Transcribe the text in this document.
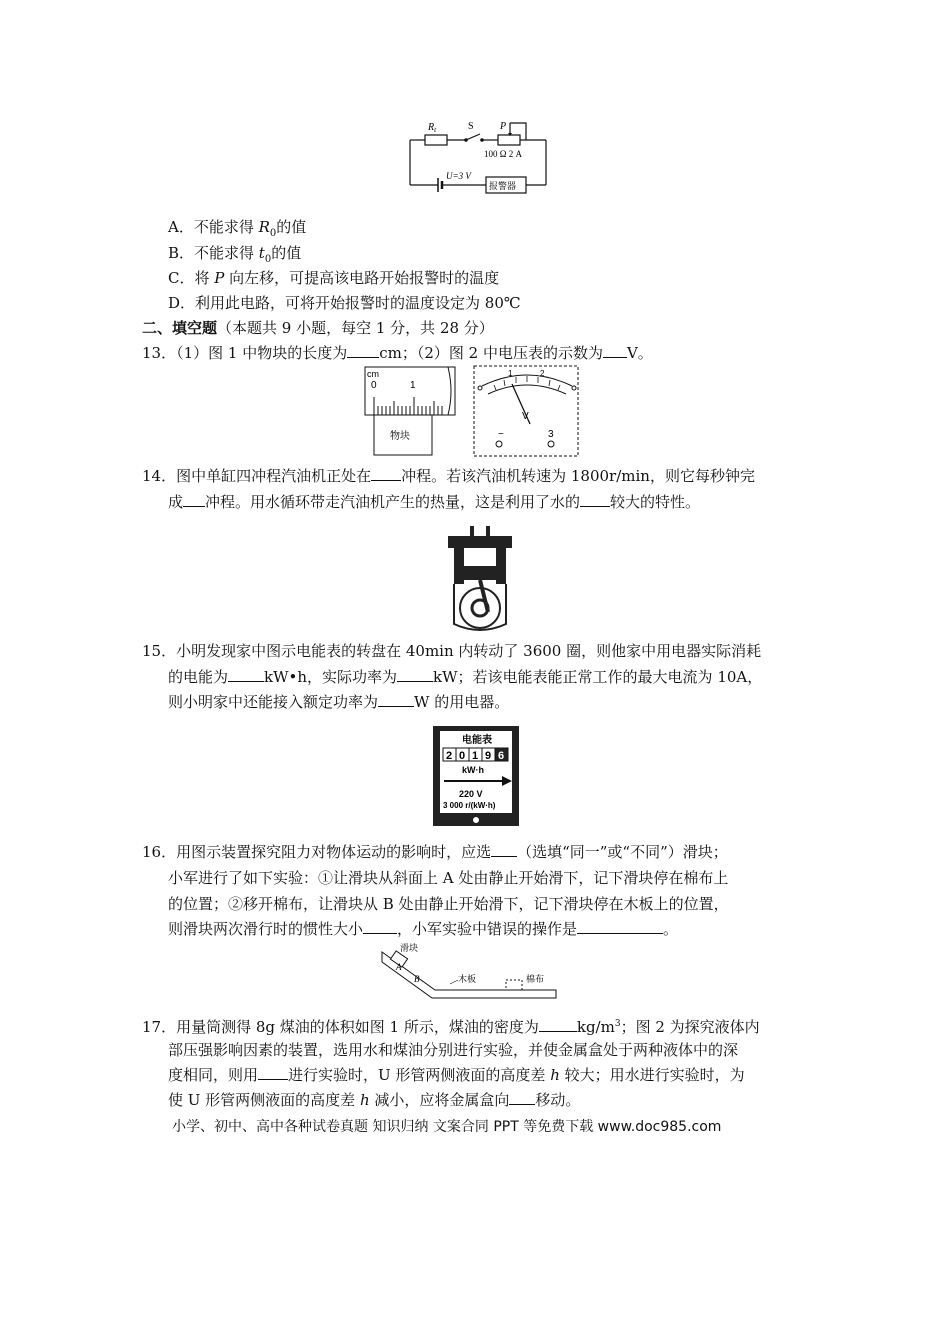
$R_t$	S	P
100 Ω 2 A
U=3 V
报警器
A．不能求得 $R_0$的值
B．不能求得 $t_0$的值
C．将 P 向左移，可提高该电路开始报警时的温度
D．利用此电路，可将开始报警时的温度设定为 80℃
二、填空题（本题共 9 小题，每空 1 分，共 28 分）
13．（1）图 1 中物块的长度为 cm；（2）图 2 中电压表的示数为 V。
cm
0	1
物块
1	2
V
−	3
14．图中单缸四冲程汽油机正处在 冲程。若该汽油机转速为 1800r/min，则它每秒钟完
成 冲程。用水循环带走汽油机产生的热量，这是利用了水的 较大的特性。
15．小明发现家中图示电能表的转盘在 40min 内转动了 3600 圈，则他家中用电器实际消耗
的电能为 kW•h，实际功率为 kW；若该电能表能正常工作的最大电流为 10A，
则小明家中还能接入额定功率为 W 的用电器。
电能表
2 0 1 9 6
kW·h
220 V
3 000 r/(kW·h)
16．用图示装置探究阻力对物体运动的影响时，应选 （选填“同一”或“不同”）滑块；
小军进行了如下实验：①让滑块从斜面上 A 处由静止开始滑下，记下滑块停在棉布上
的位置；②移开棉布，让滑块从 B 处由静止开始滑下，记下滑块停在木板上的位置，
则滑块两次滑行时的惯性大小 ，小军实验中错误的操作是	。
滑块
A
B	木板	棉布
17．用量筒测得 8g 煤油的体积如图 1 所示，煤油的密度为	$kg/m^3$；图 2 为探究液体内
部压强影响因素的装置，选用水和煤油分别进行实验，并使金属盒处于两种液体中的深
度相同，则用 进行实验时，U 形管两侧液面的高度差 h 较大；用水进行实验时，为
使 U 形管两侧液面的高度差 h 减小，应将金属盒向 移动。
小学、初中、高中各种试卷真题 知识归纳 文案合同 PPT 等免费下载 www.doc985.com
